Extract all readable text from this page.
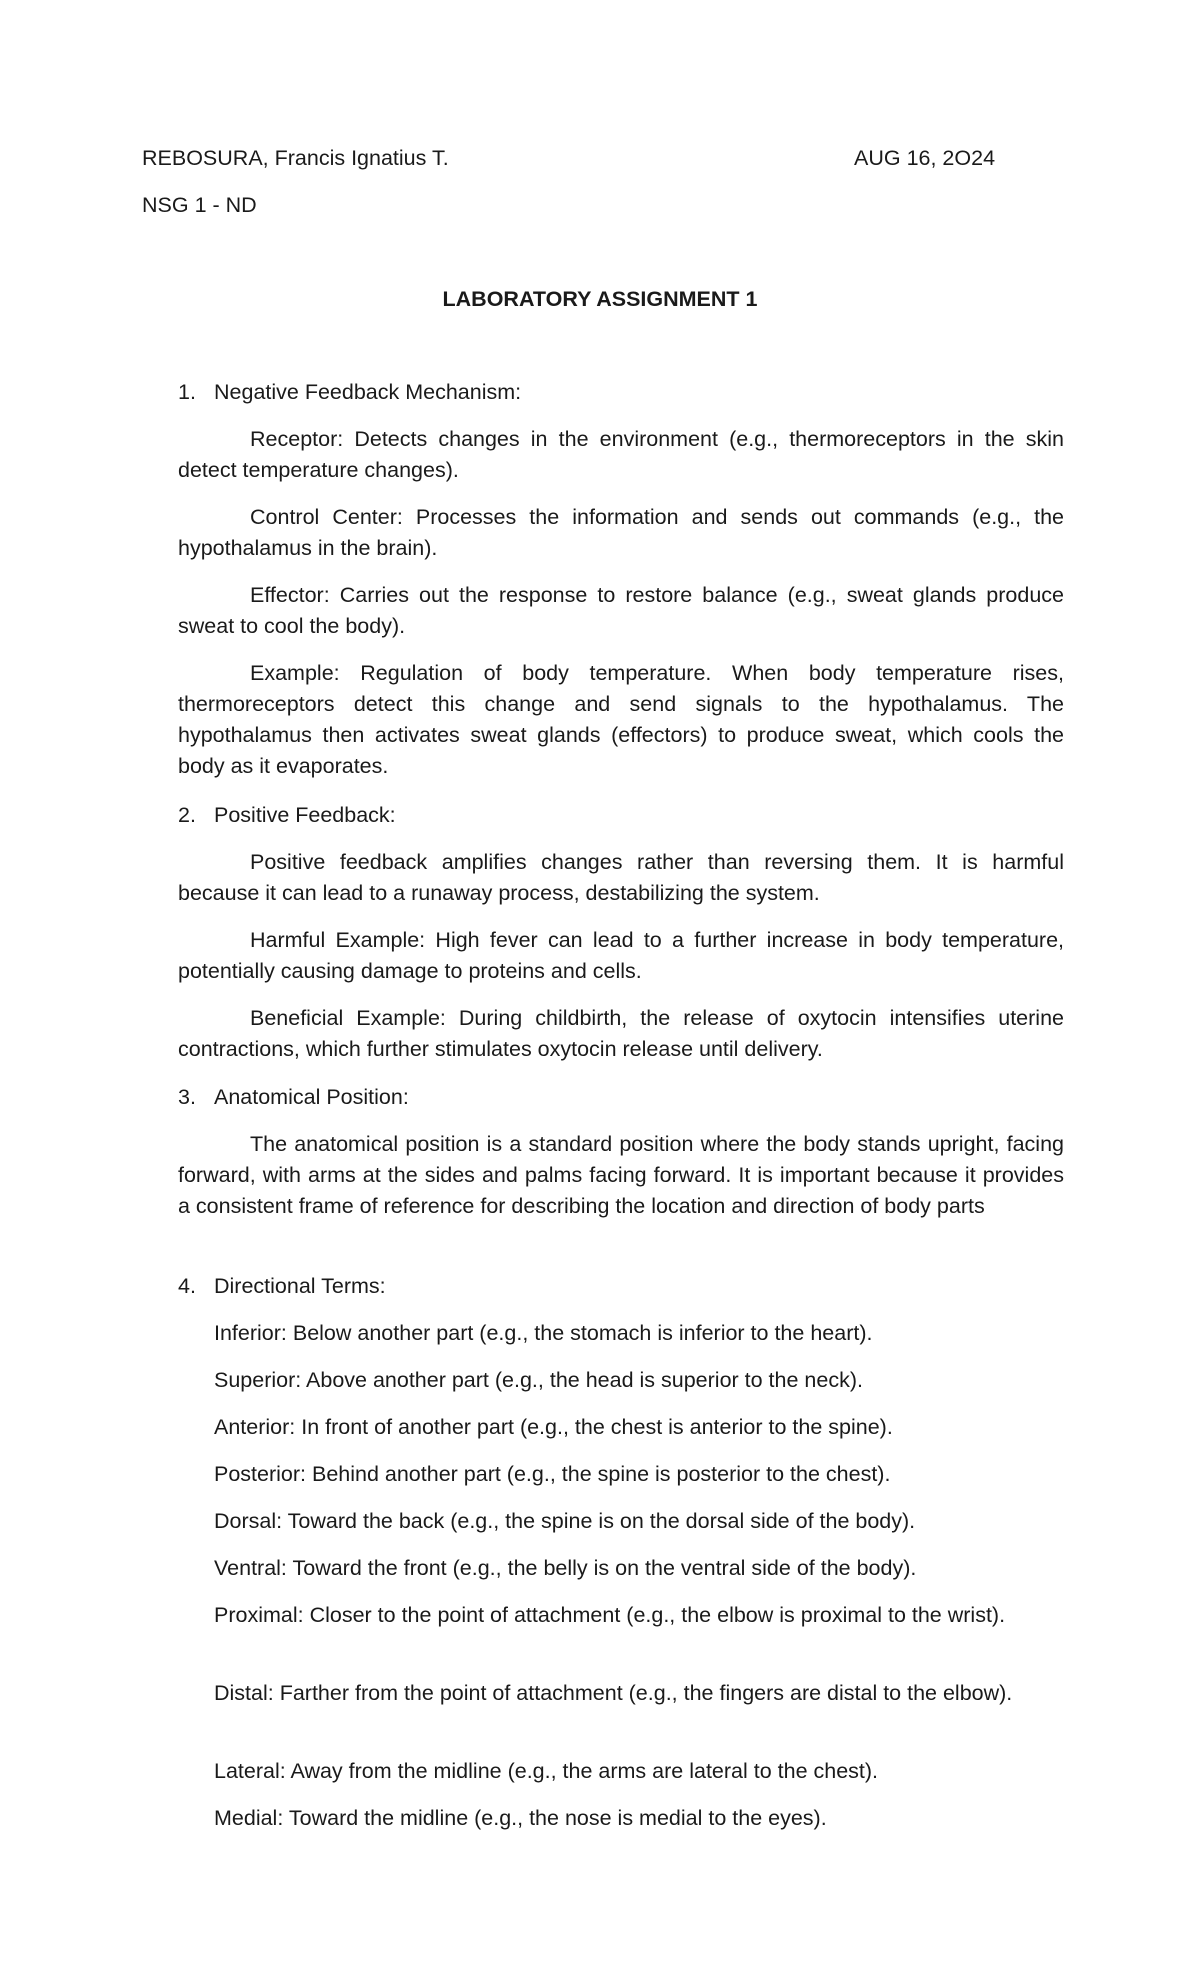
REBOSURA, Francis Ignatius T.	AUG 16, 2O24
NSG 1 - ND
LABORATORY ASSIGNMENT 1
1. Negative Feedback Mechanism:
Receptor: Detects changes in the environment (e.g., thermoreceptors in the skin detect temperature changes).
Control Center: Processes the information and sends out commands (e.g., the hypothalamus in the brain).
Effector: Carries out the response to restore balance (e.g., sweat glands produce sweat to cool the body).
Example: Regulation of body temperature. When body temperature rises, thermoreceptors detect this change and send signals to the hypothalamus. The hypothalamus then activates sweat glands (effectors) to produce sweat, which cools the body as it evaporates.
2. Positive Feedback:
Positive feedback amplifies changes rather than reversing them. It is harmful because it can lead to a runaway process, destabilizing the system.
Harmful Example: High fever can lead to a further increase in body temperature, potentially causing damage to proteins and cells.
Beneficial Example: During childbirth, the release of oxytocin intensifies uterine contractions, which further stimulates oxytocin release until delivery.
3. Anatomical Position:
The anatomical position is a standard position where the body stands upright, facing forward, with arms at the sides and palms facing forward. It is important because it provides a consistent frame of reference for describing the location and direction of body parts
4. Directional Terms:
Inferior: Below another part (e.g., the stomach is inferior to the heart).
Superior: Above another part (e.g., the head is superior to the neck).
Anterior: In front of another part (e.g., the chest is anterior to the spine).
Posterior: Behind another part (e.g., the spine is posterior to the chest).
Dorsal: Toward the back (e.g., the spine is on the dorsal side of the body).
Ventral: Toward the front (e.g., the belly is on the ventral side of the body).
Proximal: Closer to the point of attachment (e.g., the elbow is proximal to the wrist).
Distal: Farther from the point of attachment (e.g., the fingers are distal to the elbow).
Lateral: Away from the midline (e.g., the arms are lateral to the chest).
Medial: Toward the midline (e.g., the nose is medial to the eyes).
